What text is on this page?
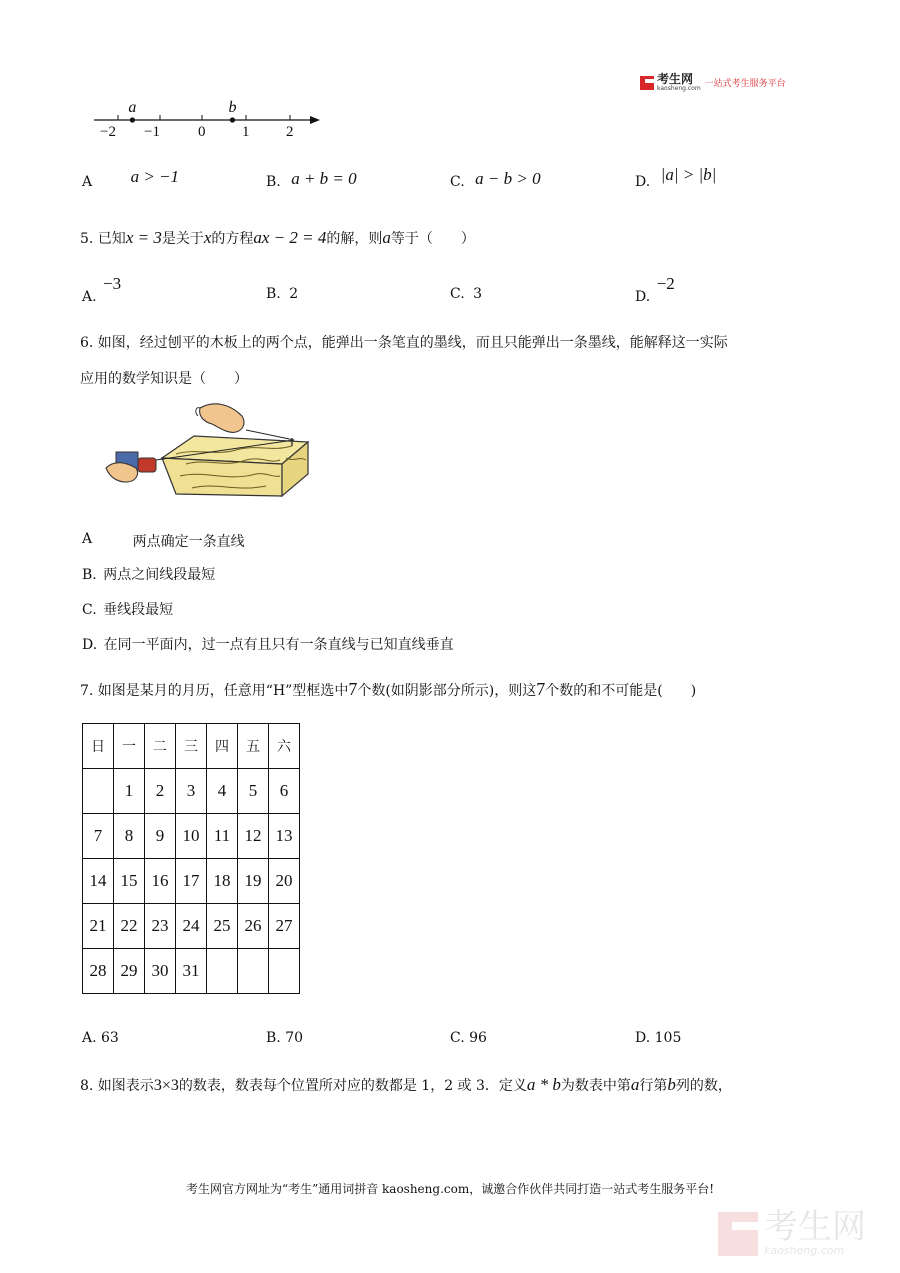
考生网
kaosheng.com 一站式考生服务平台
−2 −1	0 1 2
a	b
A a > −1	B. a + b = 0	C. a − b > 0	D. |a| > |b|
5. 已知x = 3是关于x的方程ax − 2 = 4的解，则a等于（　　）
A. −3
B. 2	C. 3	D. −2
6. 如图，经过刨平的木板上的两个点，能弹出一条笔直的墨线，而且只能弹出一条墨线，能解释这一实际
应用的数学知识是（　　）
A	两点确定一条直线
B. 两点之间线段最短
C. 垂线段最短
D. 在同一平面内，过一点有且只有一条直线与已知直线垂直
7. 如图是某月的月历，任意用“H”型框选中7个数(如阴影部分所示)，则这7个数的和不可能是(　　)
日	一	二	三	四	五	六
	1	2	3	4	5	6
7	8	9	10	11	12	13
14	15	16	17	18	19	20
21	22	23	24	25	26	27
28	29	30	31			
A. 63	B. 70	C. 96	D. 105
8. 如图表示3×3的数表，数表每个位置所对应的数都是 1，2 或 3．定义a * b为数表中第a行第b列的数，
考生网官方网址为“考生”通用词拼音 kaosheng.com，诚邀合作伙伴共同打造一站式考生服务平台!
考生网
kaosheng.com
